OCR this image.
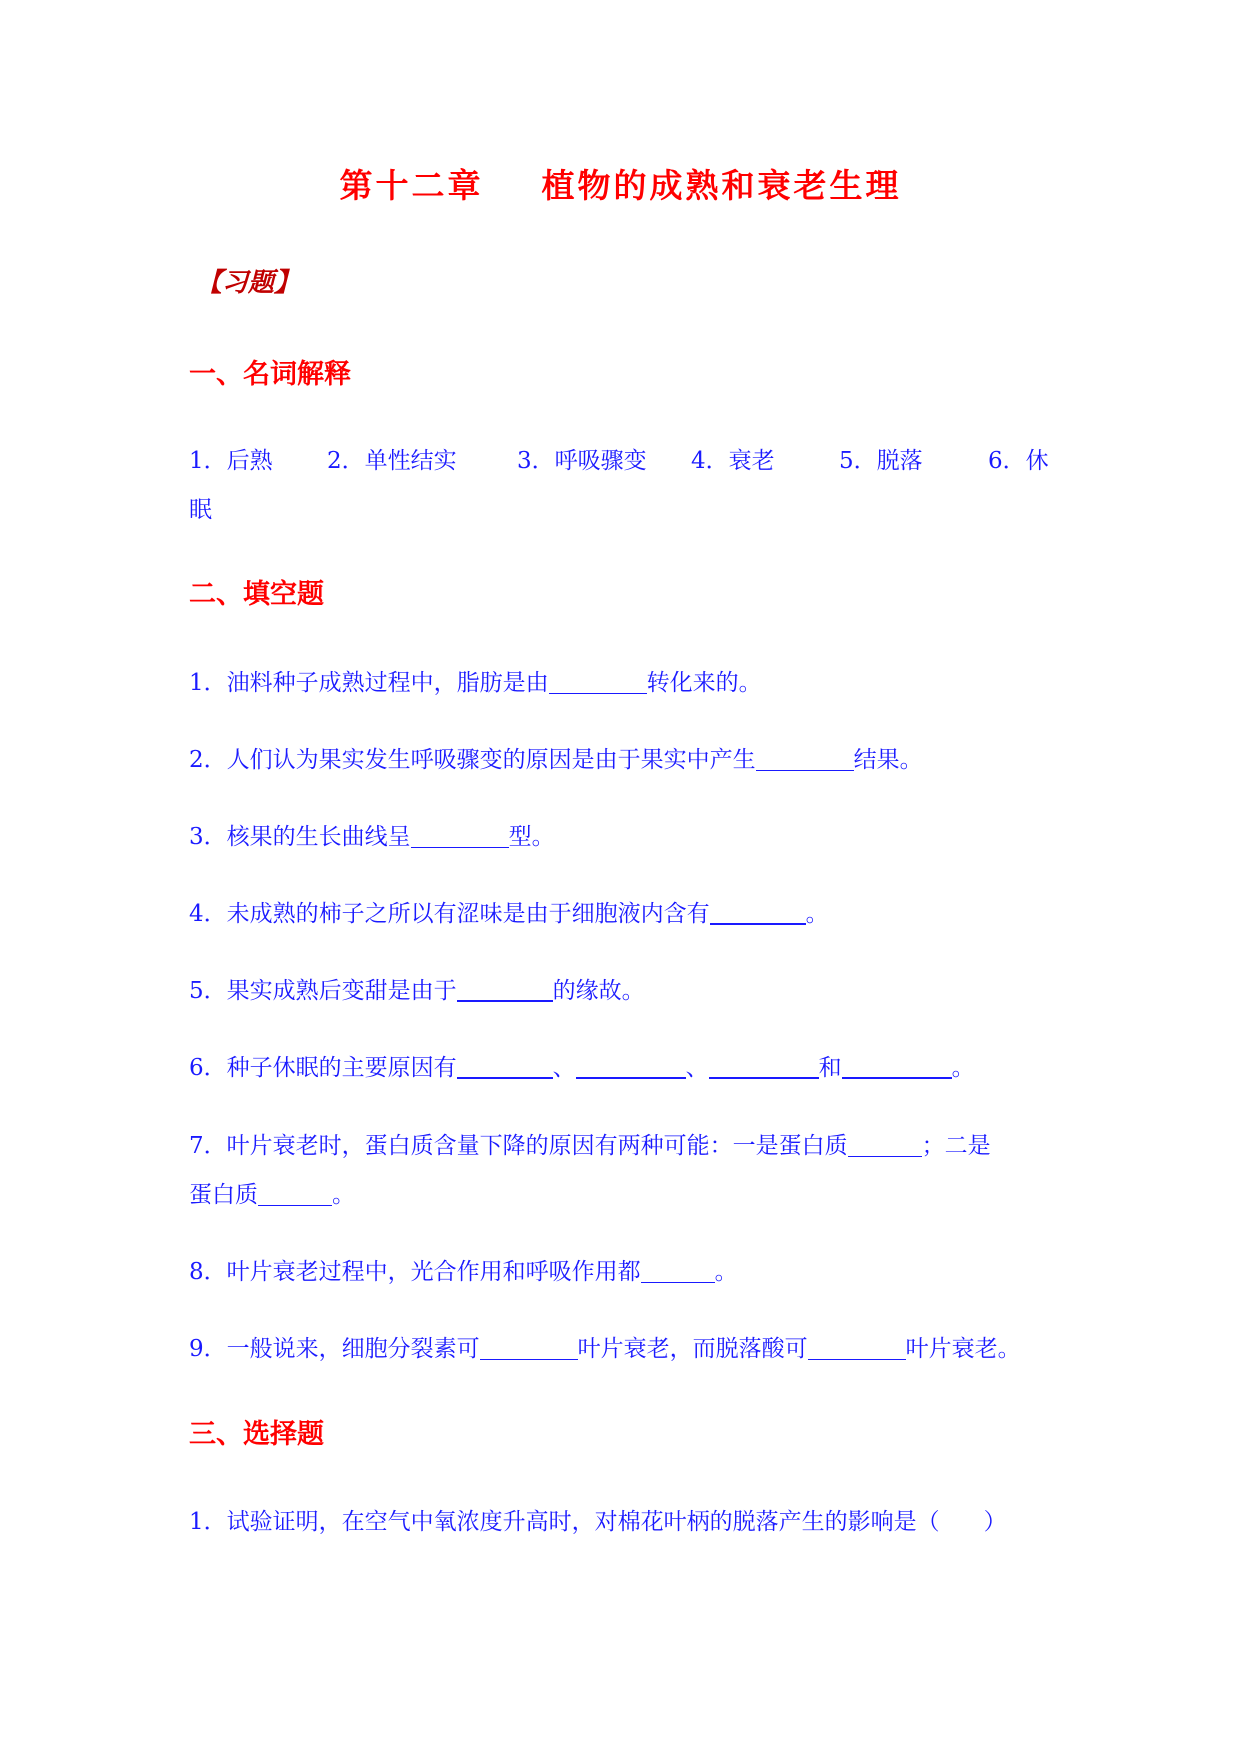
第十二章    植物的成熟和衰老生理
【习题】
一、名词解释
1．后熟 2．单性结实	3．呼吸骤变 4．衰老	5．脱落	6．休
眠
二、填空题
1．油料种子成熟过程中，脂肪是由	转化来的。
2．人们认为果实发生呼吸骤变的原因是由于果实中产生	结果。
3．核果的生长曲线呈	型。
4．未成熟的柿子之所以有涩味是由于细胞液内含有	。
5．果实成熟后变甜是由于	的缘故。
6．种子休眠的主要原因有	、	、	和	。
7．叶片衰老时，蛋白质含量下降的原因有两种可能：一是蛋白质	；二是
蛋白质	。
8．叶片衰老过程中，光合作用和呼吸作用都	。
9．一般说来，细胞分裂素可	叶片衰老，而脱落酸可	叶片衰老。
三、选择题
1．试验证明，在空气中氧浓度升高时，对棉花叶柄的脱落产生的影响是（ ）
